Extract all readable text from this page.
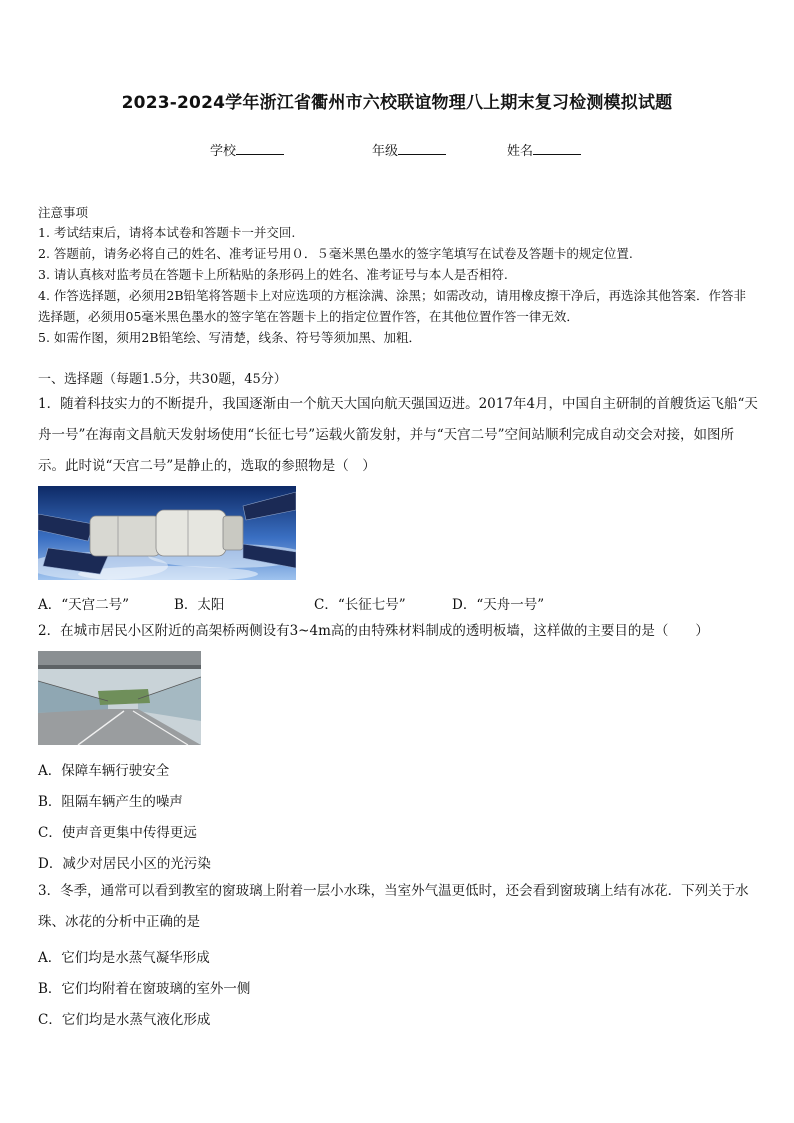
2023-2024学年浙江省衢州市六校联谊物理八上期末复习检测模拟试题
学校	年级	姓名
注意事项
1. 考试结束后，请将本试卷和答题卡一并交回.
2. 答题前，请务必将自己的姓名、准考证号用０．５毫米黑色墨水的签字笔填写在试卷及答题卡的规定位置.
3. 请认真核对监考员在答题卡上所粘贴的条形码上的姓名、准考证号与本人是否相符.
4. 作答选择题，必须用2B铅笔将答题卡上对应选项的方框涂满、涂黑；如需改动，请用橡皮擦干净后，再选涂其他答案．作答非选择题，必须用05毫米黑色墨水的签字笔在答题卡上的指定位置作答，在其他位置作答一律无效．
5. 如需作图，须用2B铅笔绘、写清楚，线条、符号等须加黑、加粗．
一、选择题（每题1.5分，共30题，45分）
1．随着科技实力的不断提升，我国逐渐由一个航天大国向航天强国迈进。2017年4月，中国自主研制的首艘货运飞船“天舟一号”在海南文昌航天发射场使用“长征七号”运载火箭发射，并与“天宫二号”空间站顺利完成自动交会对接，如图所示。此时说“天宫二号”是静止的，选取的参照物是（　）
A．“天宫二号”	B．太阳	C．“长征七号”	D．“天舟一号”
2．在城市居民小区附近的高架桥两侧设有3~4m高的由特殊材料制成的透明板墙，这样做的主要目的是（　　）
A．保障车辆行驶安全
B．阻隔车辆产生的噪声
C．使声音更集中传得更远
D．减少对居民小区的光污染
3．冬季，通常可以看到教室的窗玻璃上附着一层小水珠，当室外气温更低时，还会看到窗玻璃上结有冰花．下列关于水珠、冰花的分析中正确的是
A．它们均是水蒸气凝华形成
B．它们均附着在窗玻璃的室外一侧
C．它们均是水蒸气液化形成
